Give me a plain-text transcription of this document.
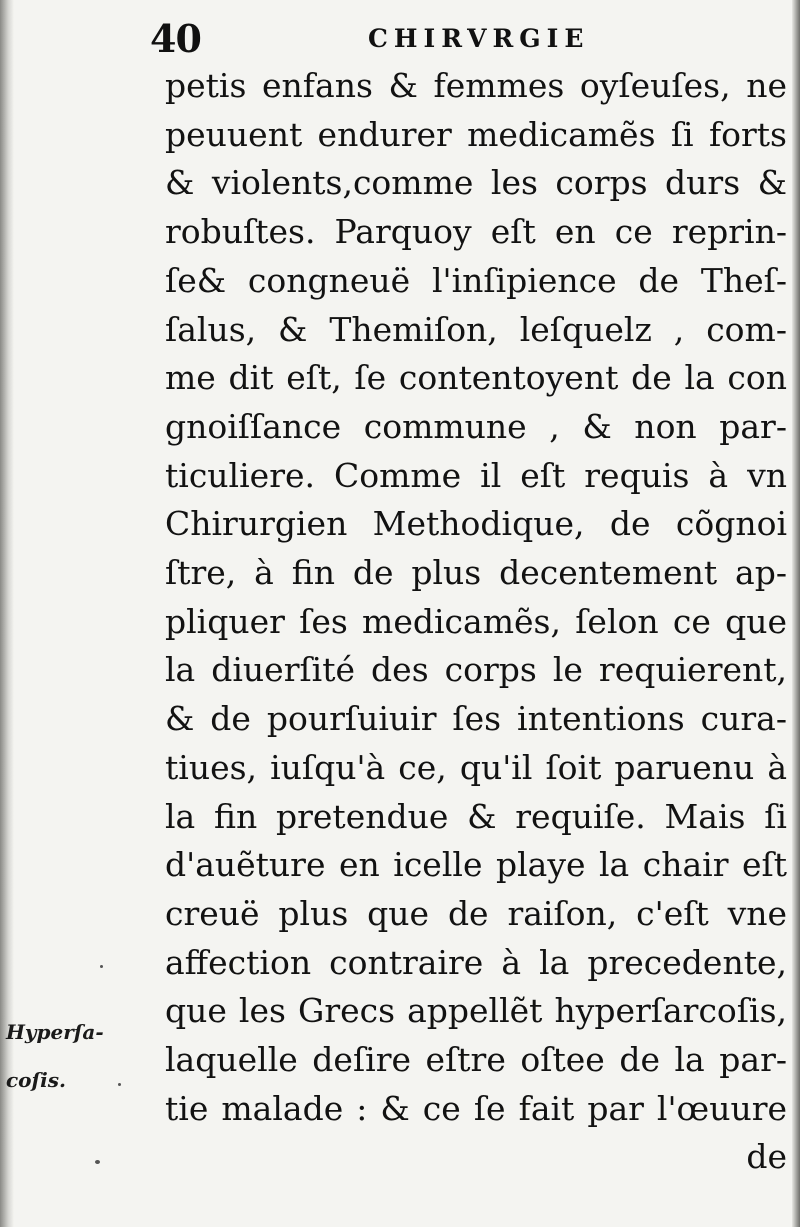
40	CHIRVRGIE
petis enfans & femmes oyſeuſes, ne
peuuent endurer medicamẽs ſi forts
& violents,comme les corps durs &
robuſtes. Parquoy eſt en ce reprin-
ſe& congneuë l'inſipience de Theſ-
ſalus, & Themiſon, leſquelz , com-
me dit eſt, ſe contentoyent de la con
gnoiſſance commune , & non par-
ticuliere. Comme il eſt requis à vn
Chirurgien Methodique, de cõgnoi
ſtre, à fin de plus decentement ap-
pliquer ſes medicamẽs, ſelon ce que
la diuerſité des corps le requierent,
& de pourſuiuir ſes intentions cura-
tiues, iuſqu'à ce, qu'il ſoit paruenu à
la fin pretendue & requiſe. Mais ſi
d'auẽture en icelle playe la chair eſt
creuë plus que de raiſon, c'eſt vne
affection contraire à la precedente,
que les Grecs appellẽt hyperſarcoſis,
laquelle deſire eſtre oſtee de la par-
tie malade : & ce ſe fait par l'œuure
de
Hyperſa-
coſis.
